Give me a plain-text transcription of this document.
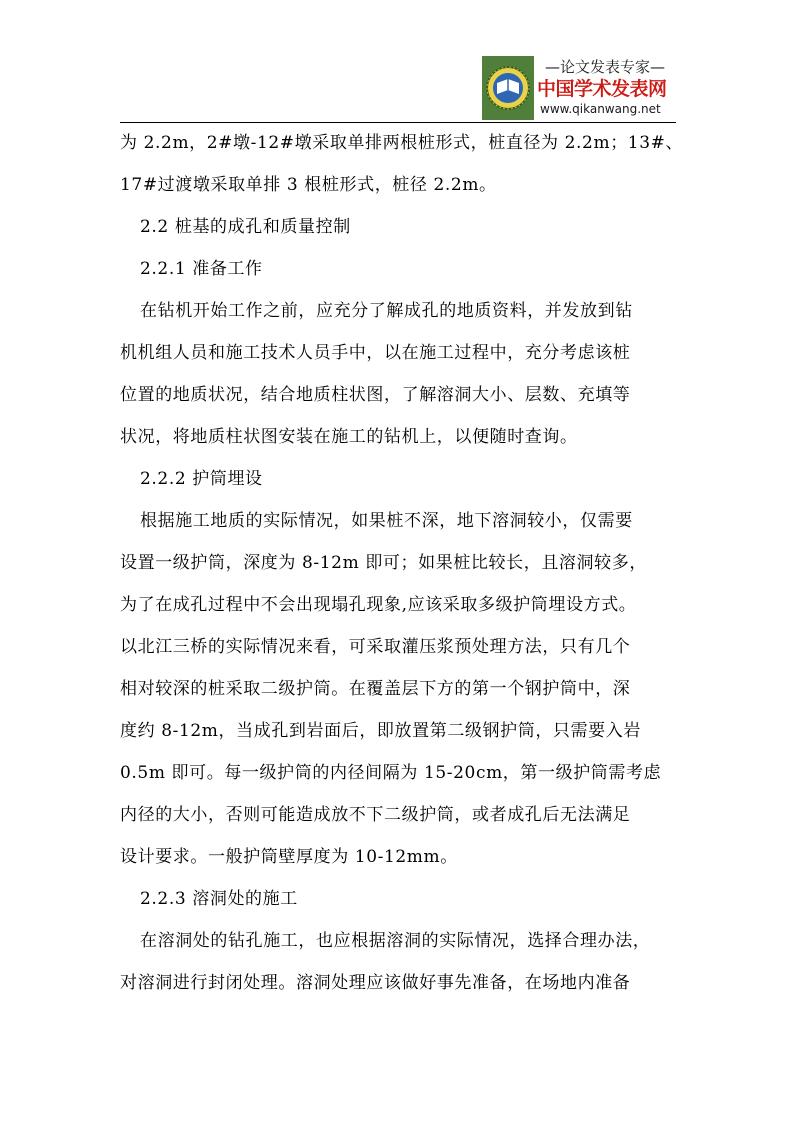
—论文发表专家—
中国学术发表网
www.qikanwang.net
为 2.2m，2#墩-12#墩采取单排两根桩形式，桩直径为 2.2m；13#、
17#过渡墩采取单排 3 根桩形式，桩径 2.2m。
2.2 桩基的成孔和质量控制
2.2.1 准备工作
在钻机开始工作之前，应充分了解成孔的地质资料，并发放到钻
机机组人员和施工技术人员手中，以在施工过程中，充分考虑该桩
位置的地质状况，结合地质柱状图，了解溶洞大小、层数、充填等
状况，将地质柱状图安装在施工的钻机上，以便随时查询。
2.2.2 护筒埋设
根据施工地质的实际情况，如果桩不深，地下溶洞较小，仅需要
设置一级护筒，深度为 8-12m 即可；如果桩比较长，且溶洞较多，
为了在成孔过程中不会出现塌孔现象,应该采取多级护筒埋设方式。
以北江三桥的实际情况来看，可采取灌压浆预处理方法，只有几个
相对较深的桩采取二级护筒。在覆盖层下方的第一个钢护筒中，深
度约 8-12m，当成孔到岩面后，即放置第二级钢护筒，只需要入岩
0.5m 即可。每一级护筒的内径间隔为 15-20cm，第一级护筒需考虑
内径的大小，否则可能造成放不下二级护筒，或者成孔后无法满足
设计要求。一般护筒壁厚度为 10-12mm。
2.2.3 溶洞处的施工
在溶洞处的钻孔施工，也应根据溶洞的实际情况，选择合理办法，
对溶洞进行封闭处理。溶洞处理应该做好事先准备，在场地内准备
